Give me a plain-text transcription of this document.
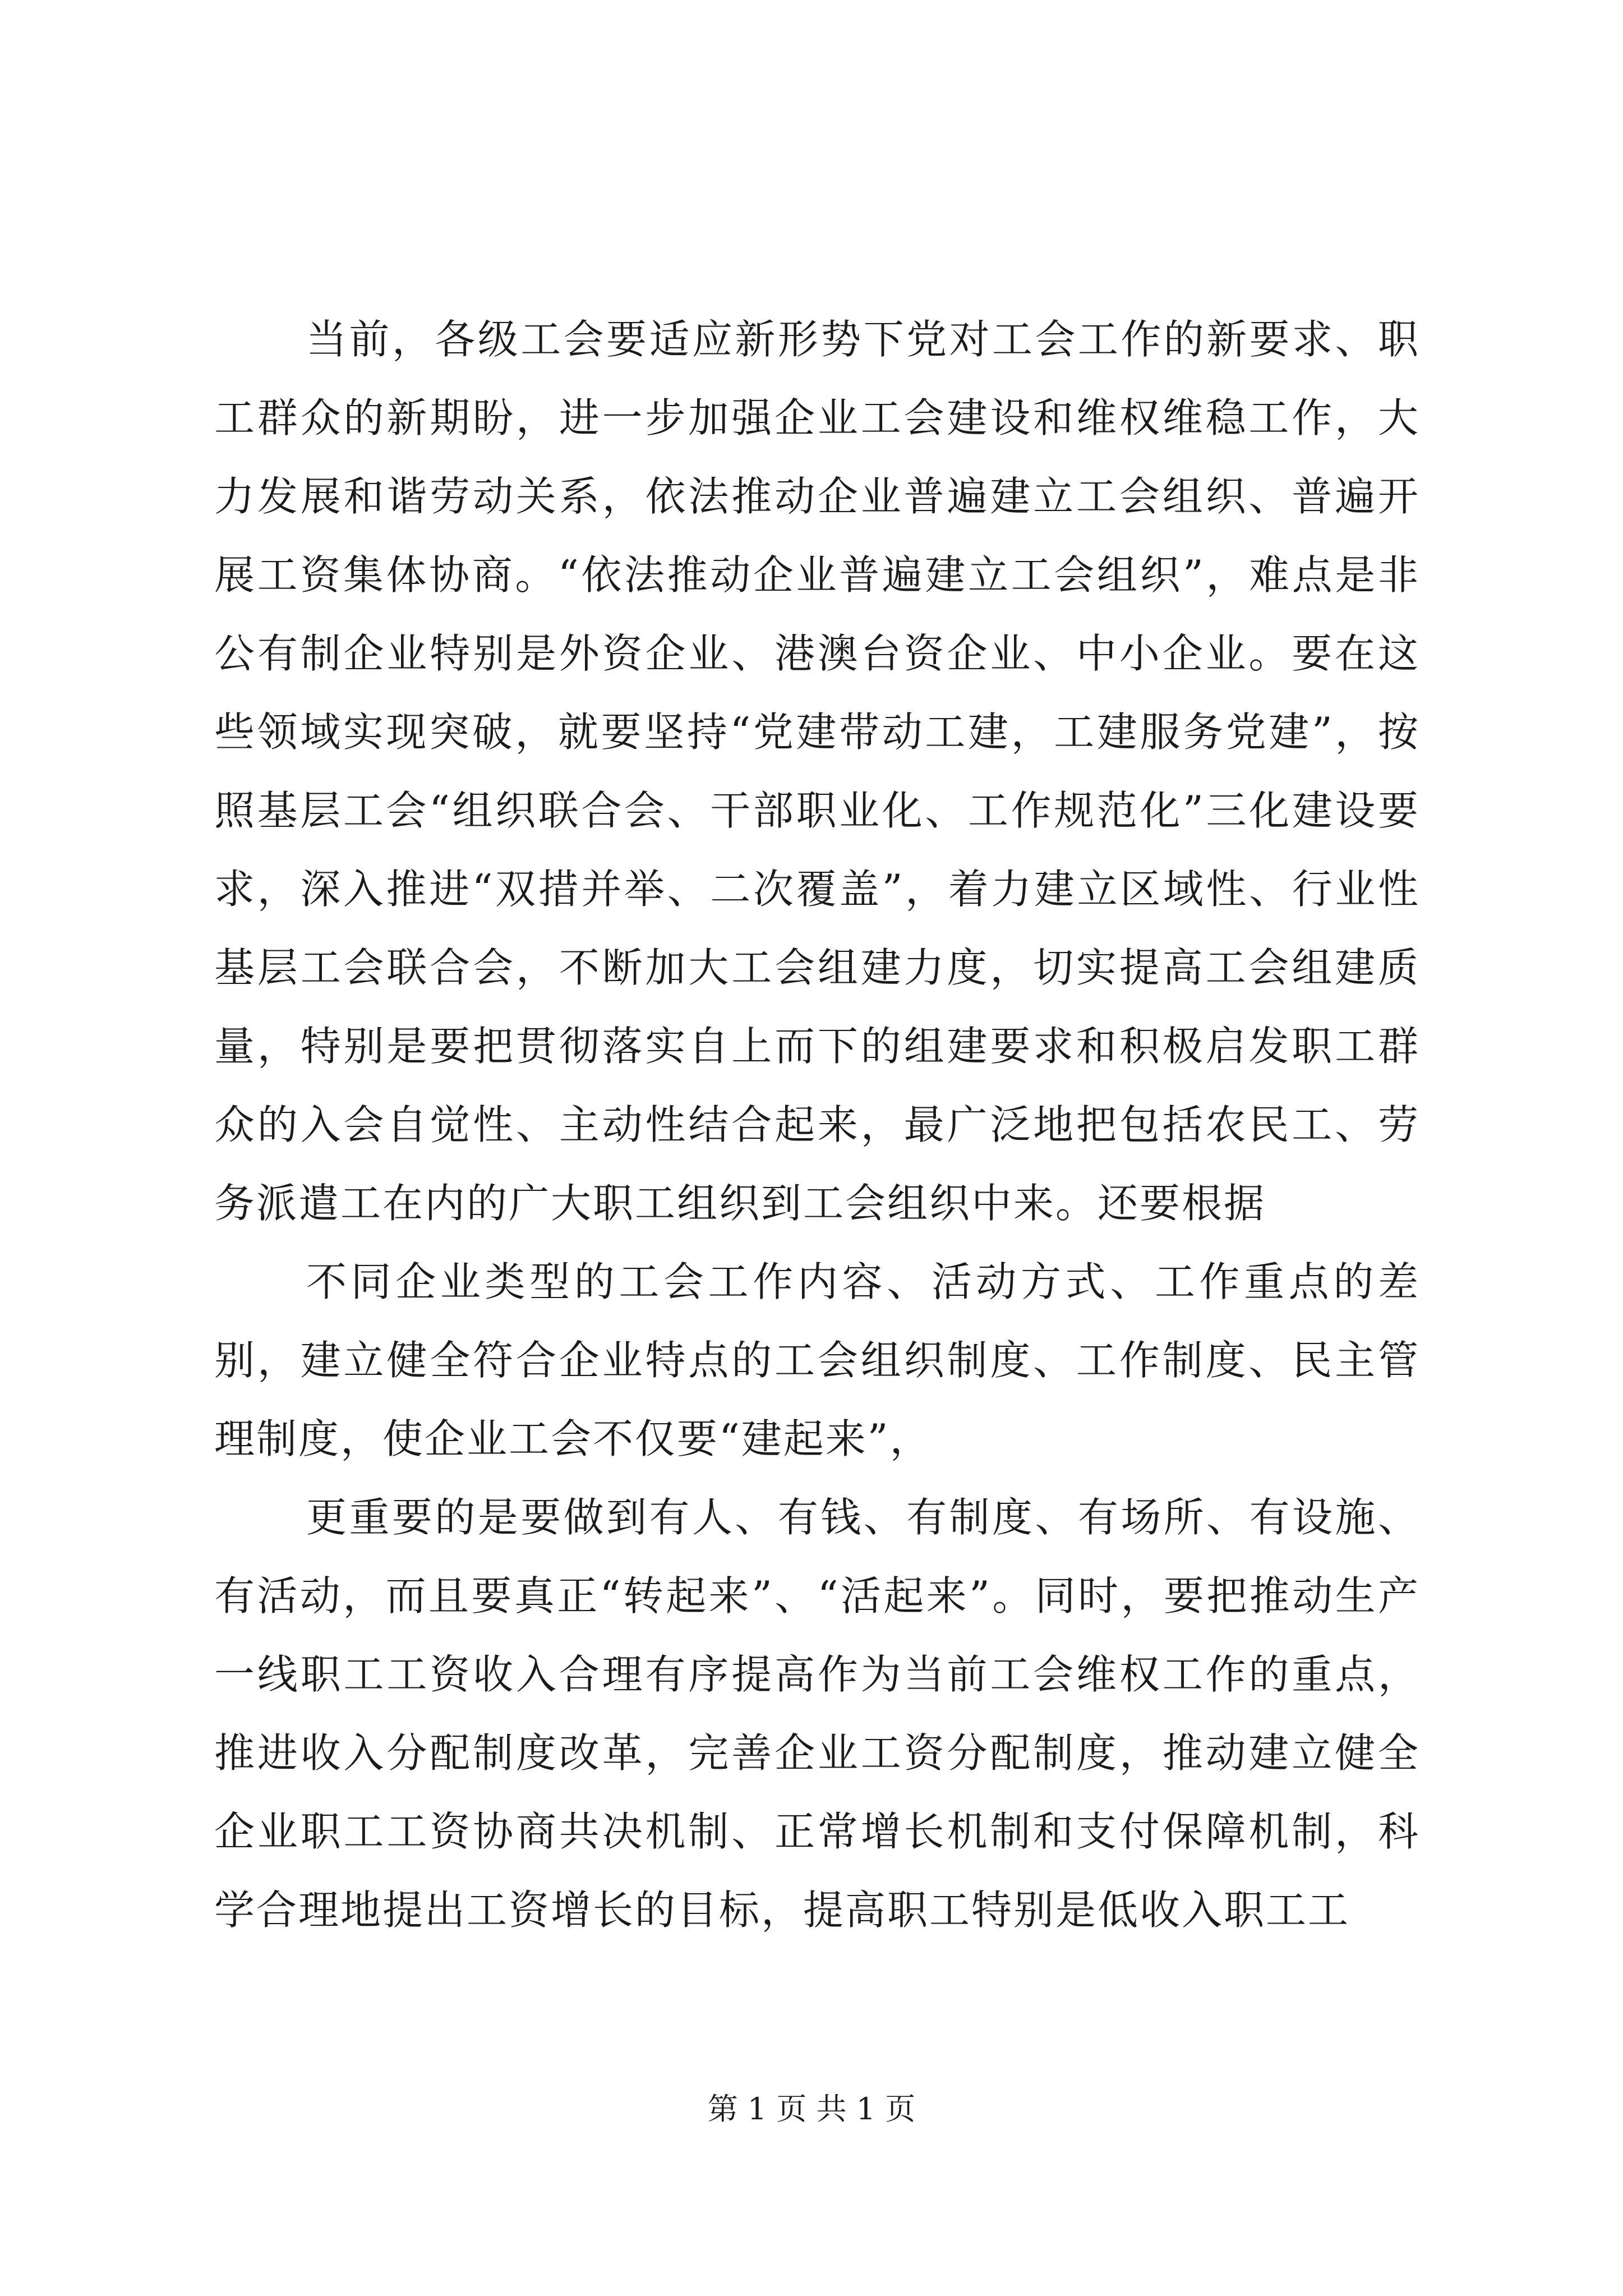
当前，各级工会要适应新形势下党对工会工作的新要求、职工群众的新期盼，进一步加强企业工会建设和维权维稳工作，大力发展和谐劳动关系，依法推动企业普遍建立工会组织、普遍开展工资集体协商。“依法推动企业普遍建立工会组织”，难点是非公有制企业特别是外资企业、港澳台资企业、中小企业。要在这些领域实现突破，就要坚持“党建带动工建，工建服务党建”，按照基层工会“组织联合会、干部职业化、工作规范化”三化建设要求，深入推进“双措并举、二次覆盖”，着力建立区域性、行业性基层工会联合会，不断加大工会组建力度，切实提高工会组建质量，特别是要把贯彻落实自上而下的组建要求和积极启发职工群众的入会自觉性、主动性结合起来，最广泛地把包括农民工、劳务派遣工在内的广大职工组织到工会组织中来。还要根据

不同企业类型的工会工作内容、活动方式、工作重点的差别，建立健全符合企业特点的工会组织制度、工作制度、民主管理制度，使企业工会不仅要“建起来”，

更重要的是要做到有人、有钱、有制度、有场所、有设施、有活动，而且要真正“转起来”、“活起来”。同时，要把推动生产一线职工工资收入合理有序提高作为当前工会维权工作的重点，推进收入分配制度改革，完善企业工资分配制度，推动建立健全企业职工工资协商共决机制、正常增长机制和支付保障机制，科学合理地提出工资增长的目标，提高职工特别是低收入职工工

第 1 页 共 1 页
